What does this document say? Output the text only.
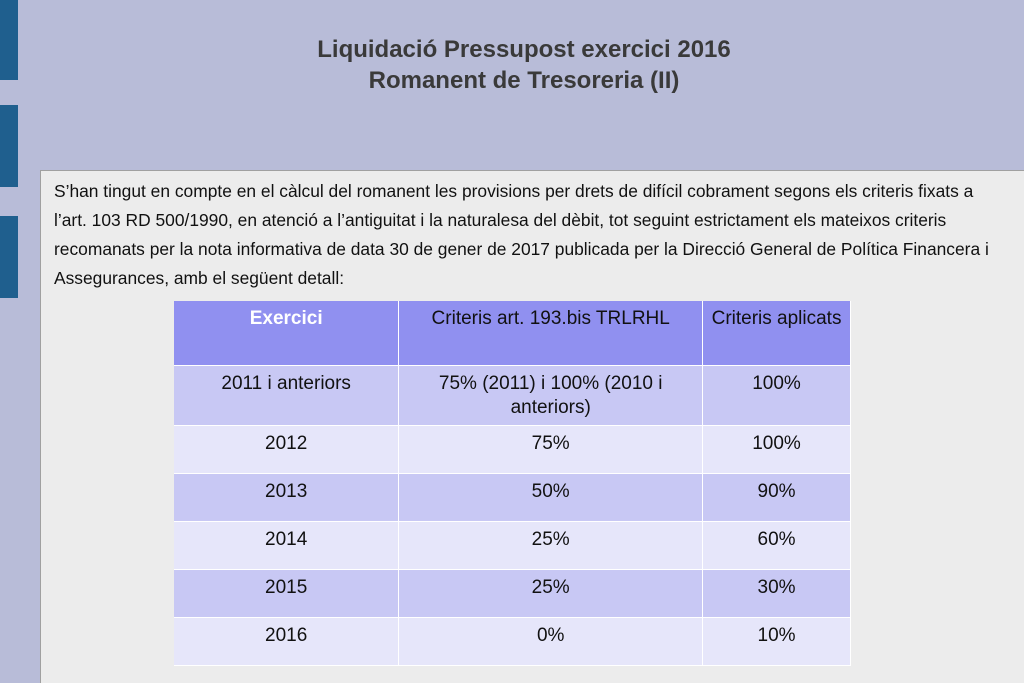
Liquidació Pressupost exercici 2016
Romanent de Tresoreria (II)
S’han tingut en compte en el càlcul del romanent les provisions per drets de difícil cobrament segons els criteris fixats a l’art. 103 RD 500/1990, en atenció a l’antiguitat i la naturalesa del dèbit, tot seguint estrictament els mateixos criteris recomanats per la nota informativa de data 30 de gener de 2017 publicada per la Direcció General de Política Financera i Assegurances, amb el següent detall:
Exercici	Criteris art. 193.bis TRLRHL	Criteris aplicats
2011 i anteriors	75% (2011) i 100% (2010 i anteriors)	100%
2012	75%	100%
2013	50%	90%
2014	25%	60%
2015	25%	30%
2016	0%	10%
